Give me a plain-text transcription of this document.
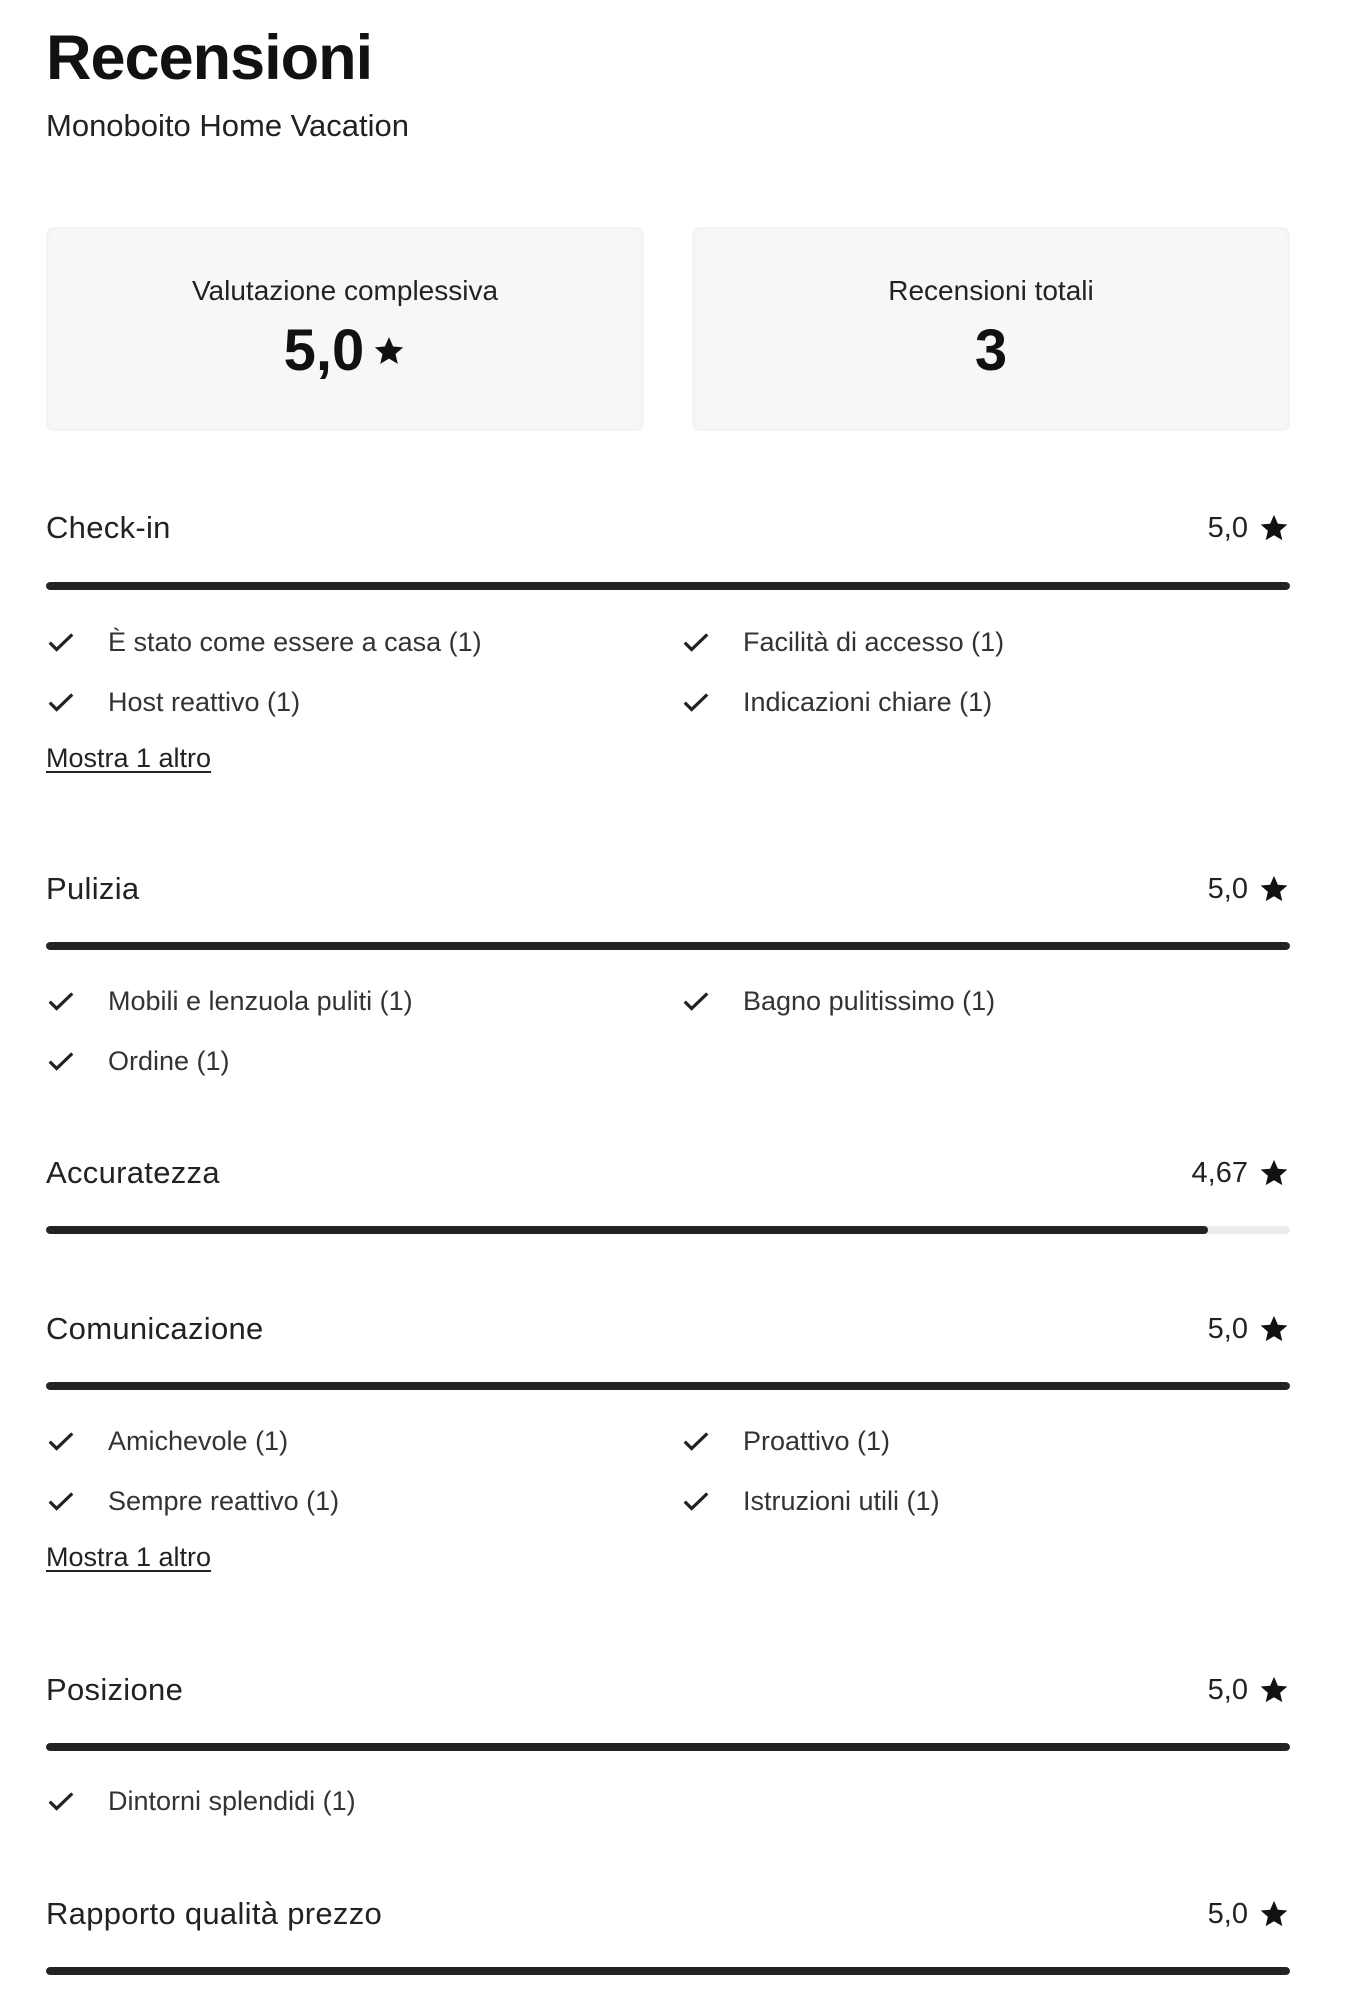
Recensioni
Monoboito Home Vacation
Valutazione complessiva
5,0
Recensioni totali
3
Check-in	5,0
È stato come essere a casa (1)	Facilità di accesso (1)
Host reattivo (1)	Indicazioni chiare (1)
Mostra 1 altro
Pulizia	5,0
Mobili e lenzuola puliti (1)	Bagno pulitissimo (1)
Ordine (1)
Accuratezza	4,67
Comunicazione	5,0
Amichevole (1)	Proattivo (1)
Sempre reattivo (1)	Istruzioni utili (1)
Mostra 1 altro
Posizione	5,0
Dintorni splendidi (1)
Rapporto qualità prezzo	5,0
